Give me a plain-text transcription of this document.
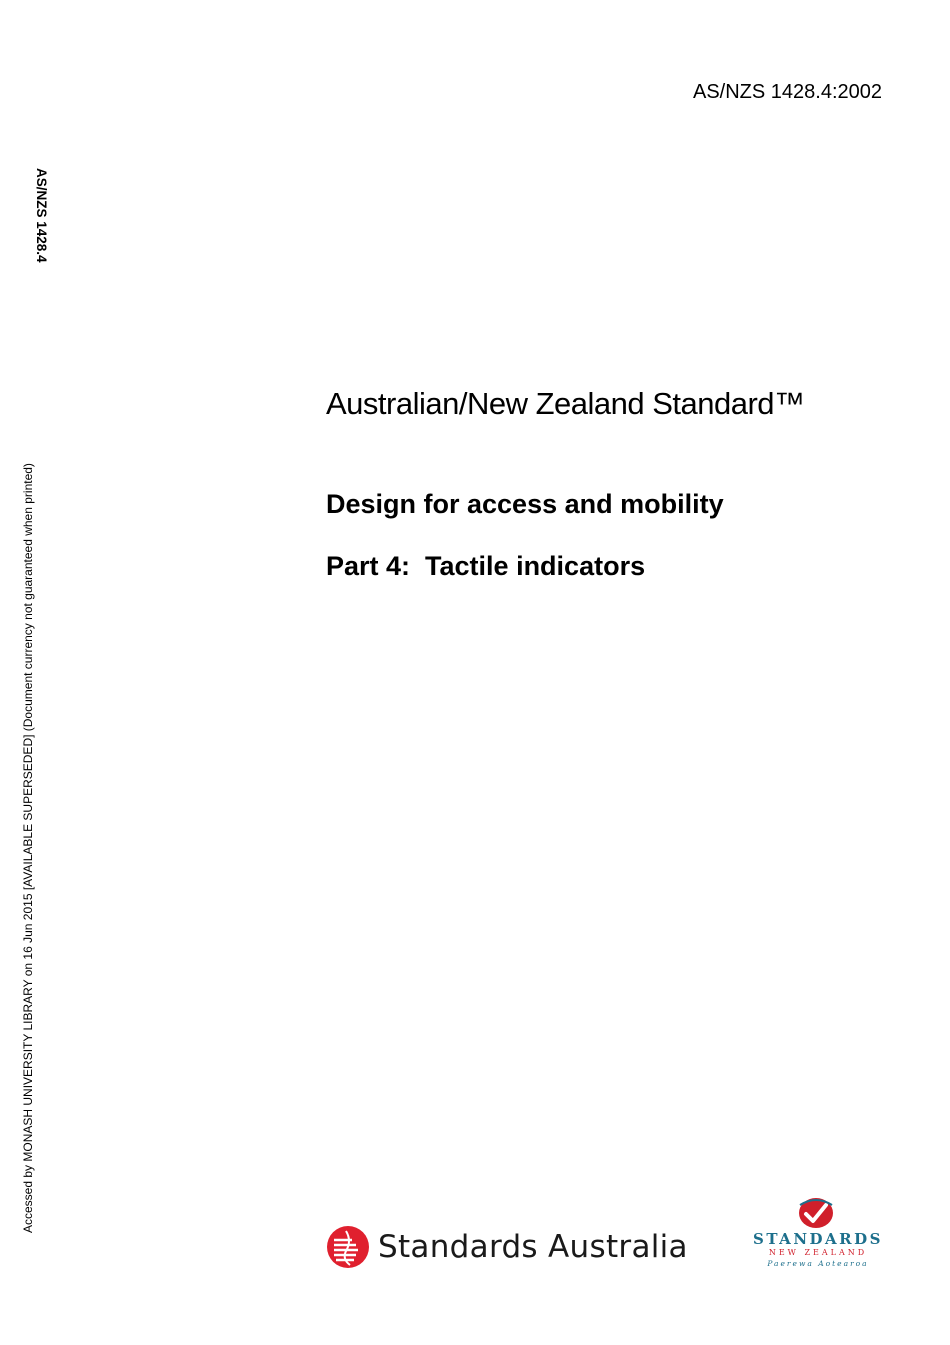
AS/NZS 1428.4:2002
AS/NZS 1428.4
Accessed by MONASH UNIVERSITY LIBRARY on 16 Jun 2015 [AVAILABLE SUPERSEDED] (Document currency not guaranteed when printed)
Australian/New Zealand Standard™
Design for access and mobility
Part 4:  Tactile indicators
Standards Australia	STANDARDS
NEW ZEALAND
Paerewa Aotearoa
